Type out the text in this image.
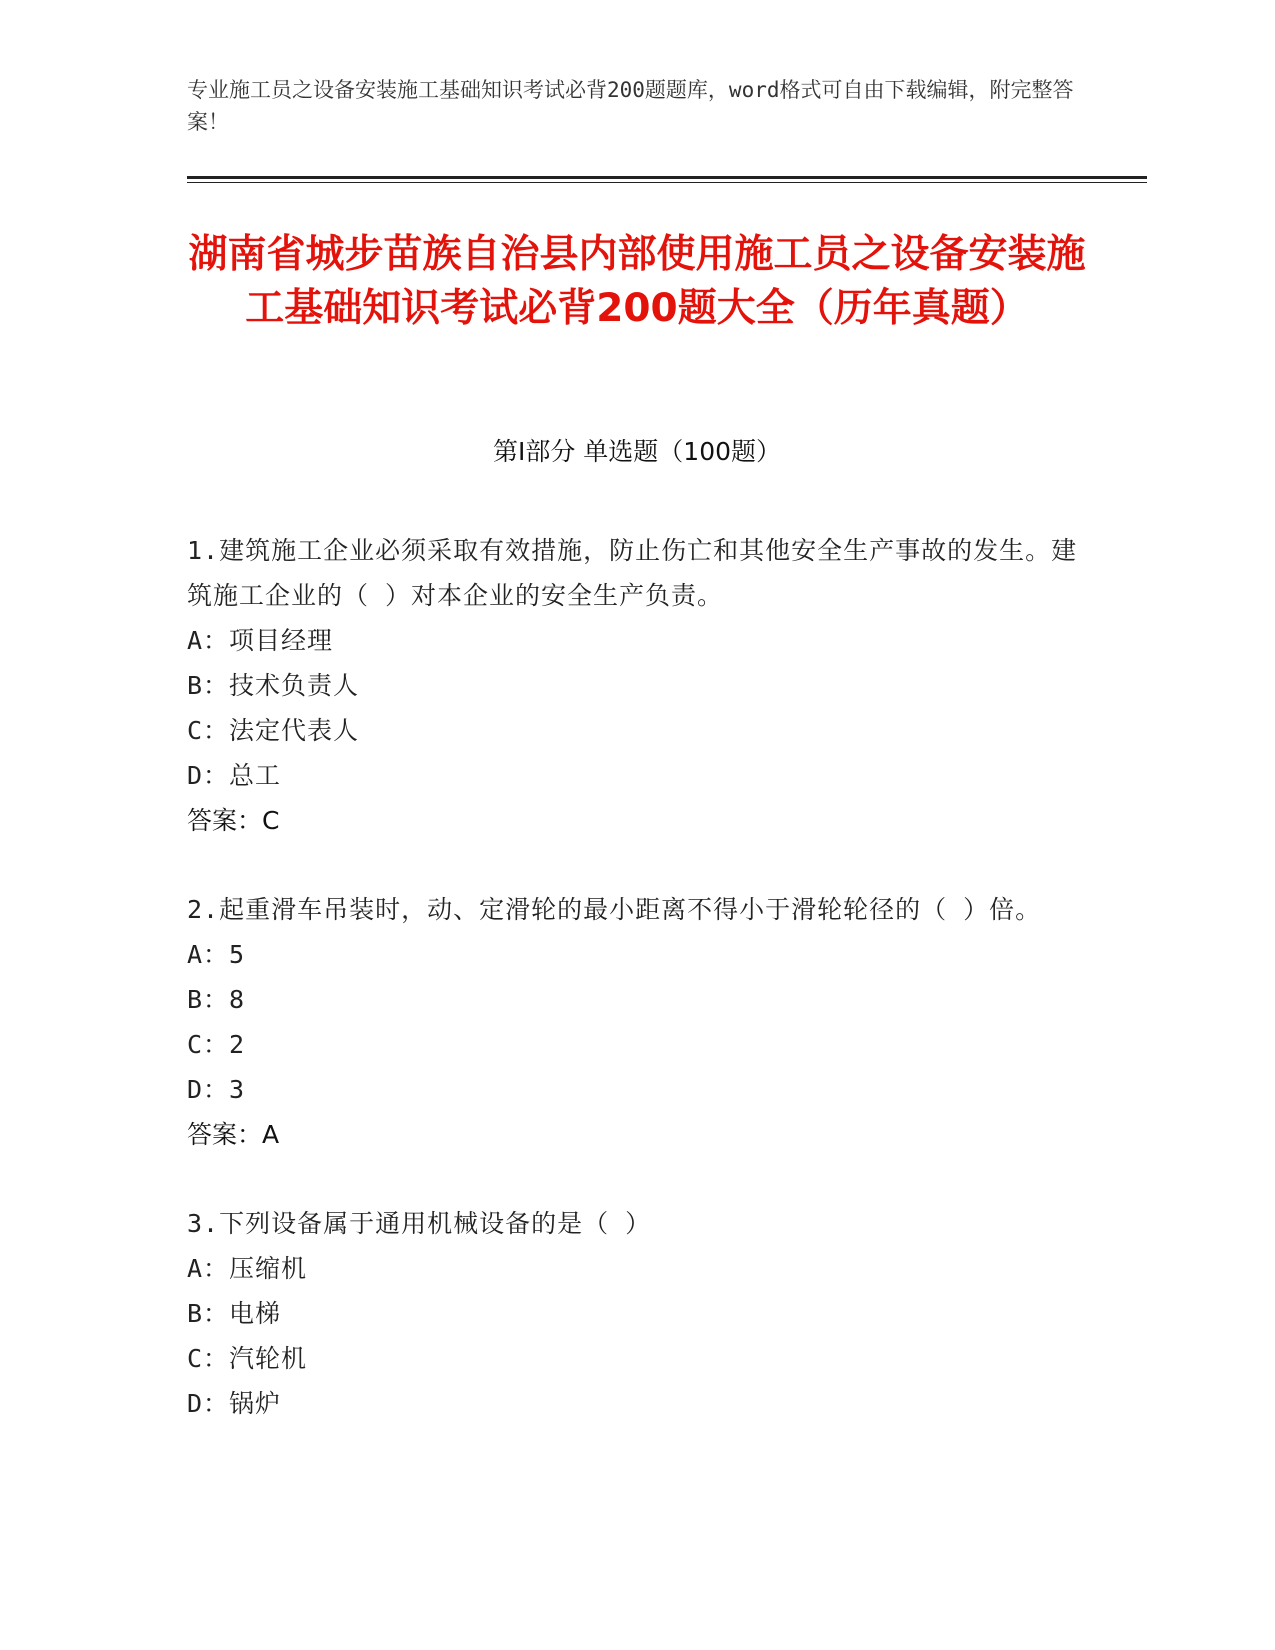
专业施工员之设备安装施工基础知识考试必背200题题库，word格式可自由下载编辑，附完整答案！
湖南省城步苗族自治县内部使用施工员之设备安装施工基础知识考试必背200题大全（历年真题）
第Ⅰ部分 单选题（100题）
1.建筑施工企业必须采取有效措施，防止伤亡和其他安全生产事故的发生。建筑施工企业的（ ）对本企业的安全生产负责。
A：项目经理
B：技术负责人
C：法定代表人
D：总工
答案：C
2.起重滑车吊装时，动、定滑轮的最小距离不得小于滑轮轮径的（ ）倍。
A：5
B：8
C：2
D：3
答案：A
3.下列设备属于通用机械设备的是（ ）
A：压缩机
B：电梯
C：汽轮机
D：锅炉
